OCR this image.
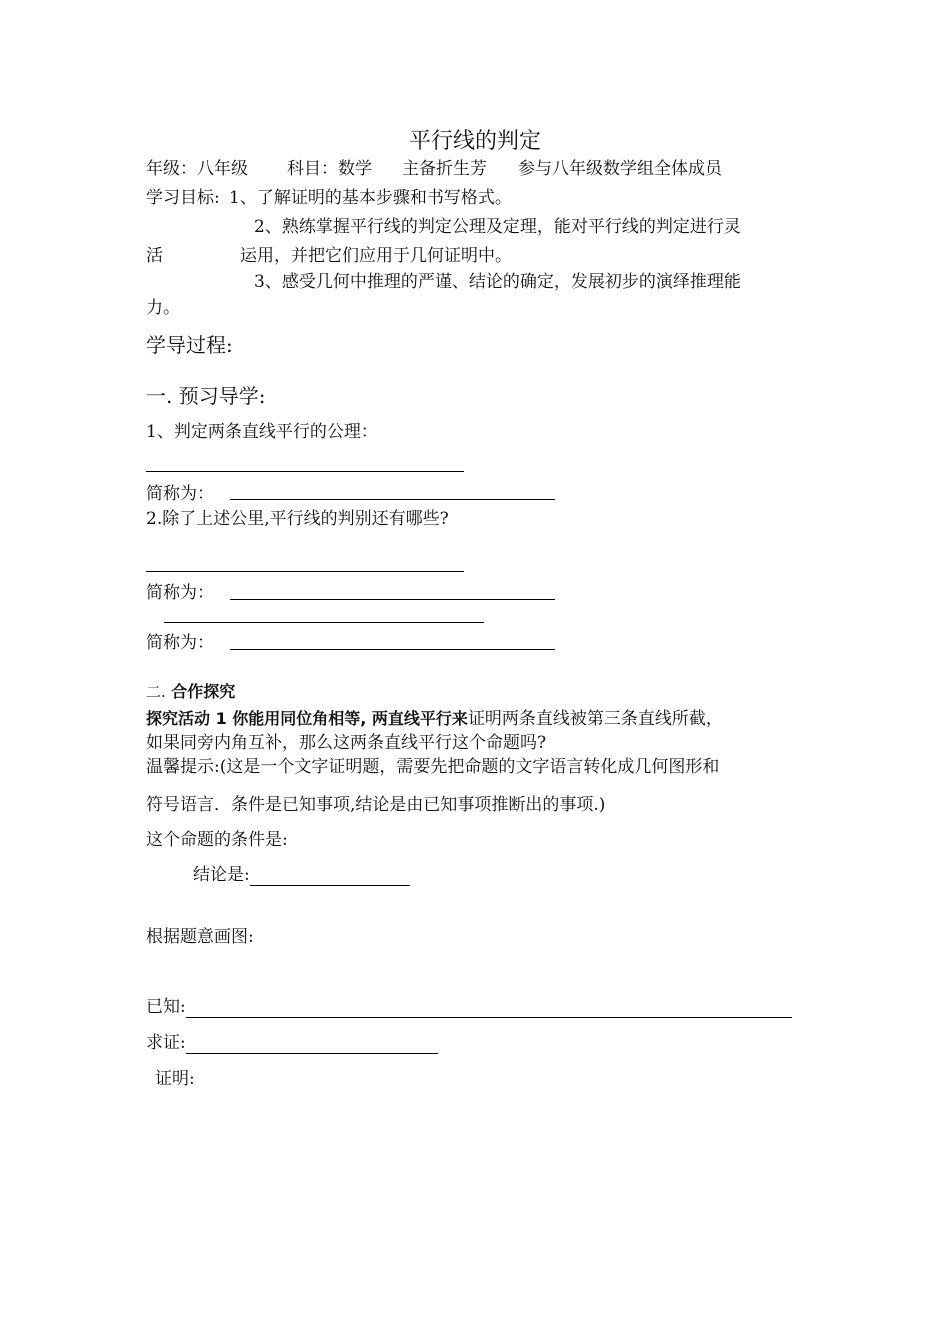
平行线的判定
年级：八年级 科目：数学 主备折生芳 参与八年级数学组全体成员
学习目标: 1、了解证明的基本步骤和书写格式。
2、熟练掌握平行线的判定公理及定理，能对平行线的判定进行灵
活	运用，并把它们应用于几何证明中。
3、感受几何中推理的严谨、结论的确定，发展初步的演绎推理能
力。
学导过程:
一. 预习导学:
1、判定两条直线平行的公理：
简称为：
2.除了上述公里,平行线的判别还有哪些?
简称为：
简称为：
二. 合作探究
探究活动 1 你能用同位角相等, 两直线平行来证明两条直线被第三条直线所截，
如果同旁内角互补，那么这两条直线平行这个命题吗?
温馨提示:(这是一个文字证明题，需要先把命题的文字语言转化成几何图形和
符号语言．条件是已知事项,结论是由已知事项推断出的事项.)
这个命题的条件是:
结论是:
根据题意画图:
已知:
求证:
证明:
